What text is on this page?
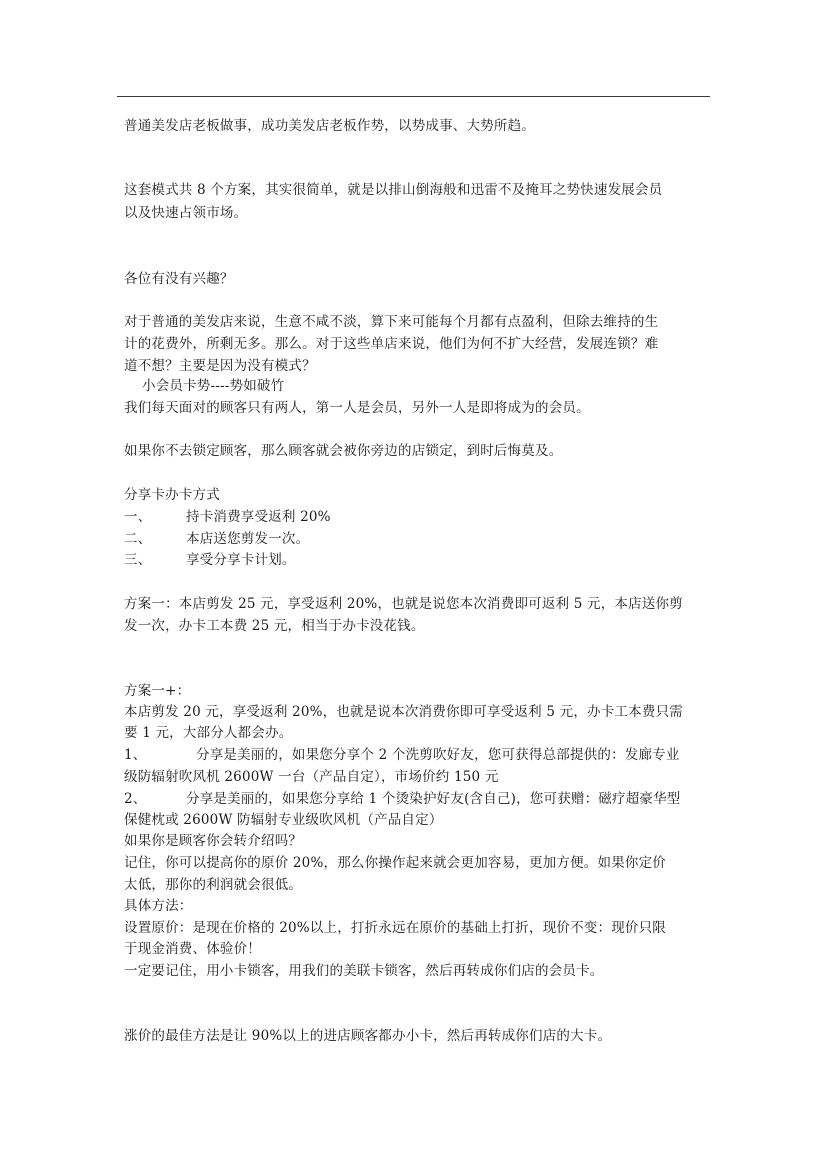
普通美发店老板做事，成功美发店老板作势，以势成事、大势所趋。
这套模式共 8 个方案，其实很简单，就是以排山倒海般和迅雷不及掩耳之势快速发展会员
以及快速占领市场。
各位有没有兴趣？
对于普通的美发店来说，生意不咸不淡，算下来可能每个月都有点盈利，但除去维持的生
计的花费外，所剩无多。那么。对于这些单店来说，他们为何不扩大经营，发展连锁？难
道不想？主要是因为没有模式？
小会员卡势----势如破竹
我们每天面对的顾客只有两人，第一人是会员，另外一人是即将成为的会员。
如果你不去锁定顾客，那么顾客就会被你旁边的店锁定，到时后悔莫及。
分享卡办卡方式
一、	持卡消费享受返利 20%
二、	本店送您剪发一次。
三、	享受分享卡计划。
方案一：本店剪发 25 元，享受返利 20%，也就是说您本次消费即可返利 5 元，本店送你剪
发一次，办卡工本费 25 元，相当于办卡没花钱。
方案一+：
本店剪发 20 元，享受返利 20%，也就是说本次消费你即可享受返利 5 元，办卡工本费只需
要 1 元，大部分人都会办。
1、	分享是美丽的，如果您分享个 2 个洗剪吹好友，您可获得总部提供的：发廊专业
级防辐射吹风机 2600W 一台（产品自定），市场价约 150 元
2、	分享是美丽的，如果您分享给 1 个烫染护好友(含自己)，您可获赠：磁疗超豪华型
保健枕或 2600W 防辐射专业级吹风机（产品自定）
如果你是顾客你会转介绍吗？
记住，你可以提高你的原价 20%，那么你操作起来就会更加容易，更加方便。如果你定价
太低，那你的利润就会很低。
具体方法：
设置原价：是现在价格的 20%以上，打折永远在原价的基础上打折，现价不变：现价只限
于现金消费、体验价！
一定要记住，用小卡锁客，用我们的美联卡锁客，然后再转成你们店的会员卡。
涨价的最佳方法是让 90%以上的进店顾客都办小卡，然后再转成你们店的大卡。
